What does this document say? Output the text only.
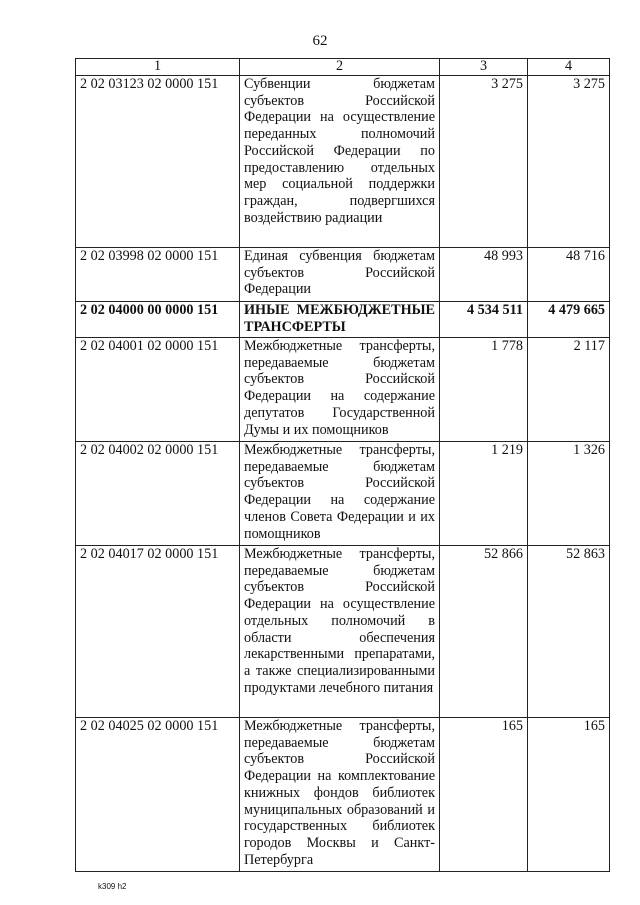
62
1	2	3	4
2 02 03123 02 0000 151	Субвенции бюджетам субъектов Российской Федерации на осуществление переданных полномочий Российской Федерации по предоставлению отдельных мер социальной поддержки граждан, подвергшихся воздействию радиации	3 275	3 275
2 02 03998 02 0000 151	Единая субвенция бюджетам субъектов Российской Федерации	48 993	48 716
2 02 04000 00 0000 151	ИНЫЕ МЕЖБЮДЖЕТНЫЕ ТРАНСФЕРТЫ	4 534 511	4 479 665
2 02 04001 02 0000 151	Межбюджетные трансферты, передаваемые бюджетам субъектов Российской Федерации на содержание депутатов Государственной Думы и их помощников	1 778	2 117
2 02 04002 02 0000 151	Межбюджетные трансферты, передаваемые бюджетам субъектов Российской Федерации на содержание членов Совета Федерации и их помощников	1 219	1 326
2 02 04017 02 0000 151	Межбюджетные трансферты, передаваемые бюджетам субъектов Российской Федерации на осуществление отдельных полномочий в области обеспечения лекарственными препаратами, а также специализированными продуктами лечебного питания	52 866	52 863
2 02 04025 02 0000 151	Межбюджетные трансферты, передаваемые бюджетам субъектов Российской Федерации на комплектование книжных фондов библиотек муниципальных образований и государственных библиотек городов Москвы и Санкт-Петербурга	165	165
k309 h2
